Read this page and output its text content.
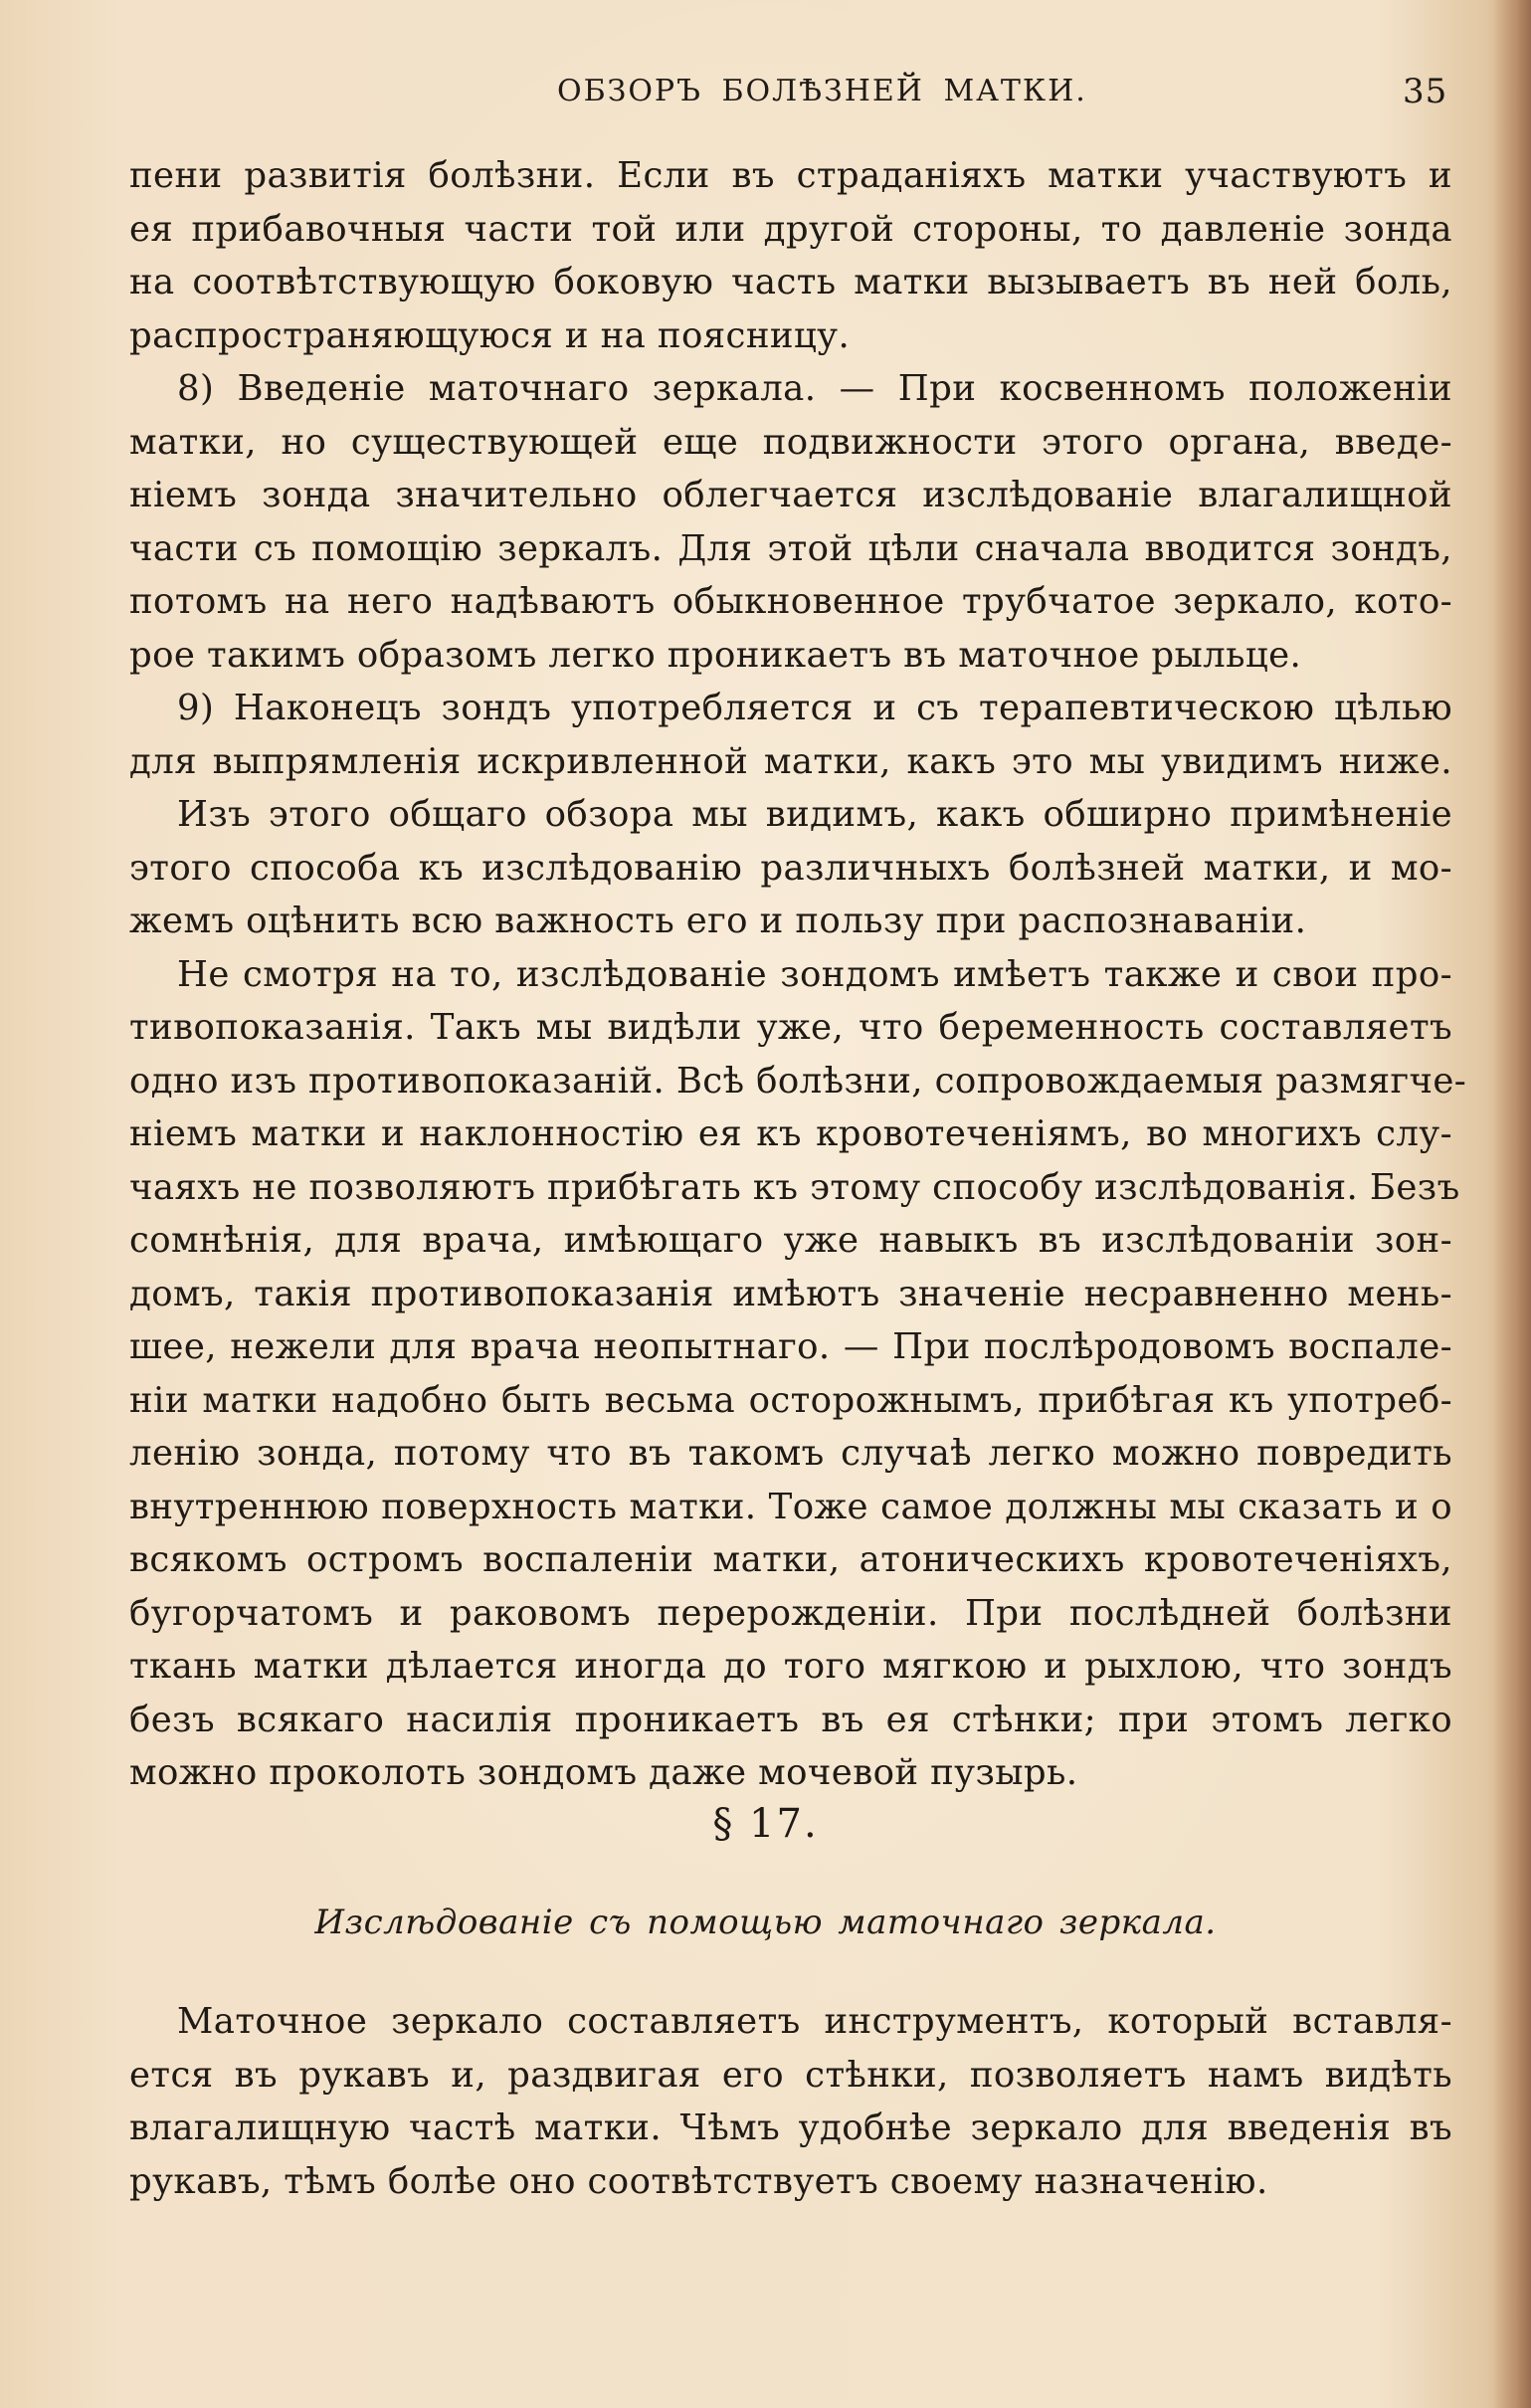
ОБЗОРЪ БОЛѢЗНЕЙ МАТКИ.	35
пени развитія болѣзни. Если въ страданіяхъ матки участвуютъ и
ея прибавочныя части той или другой стороны, то давленіе зонда
на соотвѣтствующую боковую часть матки вызываетъ въ ней боль,
распространяющуюся и на поясницу.
8) Введеніе маточнаго зеркала. — При косвенномъ положеніи
матки, но существующей еще подвижности этого органа, введе-
ніемъ зонда значительно облегчается изслѣдованіе влагалищной
части съ помощію зеркалъ. Для этой цѣли сначала вводится зондъ,
потомъ на него надѣваютъ обыкновенное трубчатое зеркало, кото-
рое такимъ образомъ легко проникаетъ въ маточное рыльце.
9) Наконецъ зондъ употребляется и съ терапевтическою цѣлью
для выпрямленія искривленной матки, какъ это мы увидимъ ниже.
Изъ этого общаго обзора мы видимъ, какъ обширно примѣненіе
этого способа къ изслѣдованію различныхъ болѣзней матки, и мо-
жемъ оцѣнить всю важность его и пользу при распознаваніи.
Не смотря на то, изслѣдованіе зондомъ имѣетъ также и свои про-
тивопоказанія. Такъ мы видѣли уже, что беременность составляетъ
одно изъ противопоказаній. Всѣ болѣзни, сопровождаемыя размягче-
ніемъ матки и наклонностію ея къ кровотеченіямъ, во многихъ слу-
чаяхъ не позволяютъ прибѣгать къ этому способу изслѣдованія. Безъ
сомнѣнія, для врача, имѣющаго уже навыкъ въ изслѣдованіи зон-
домъ, такія противопоказанія имѣютъ значеніе несравненно мень-
шее, нежели для врача неопытнаго. — При послѣродовомъ воспале-
ніи матки надобно быть весьма осторожнымъ, прибѣгая къ употреб-
ленію зонда, потому что въ такомъ случаѣ легко можно повредить
внутреннюю поверхность матки. Тоже самое должны мы сказать и о
всякомъ остромъ воспаленіи матки, атоническихъ кровотеченіяхъ,
бугорчатомъ и раковомъ перерожденіи. При послѣдней болѣзни
ткань матки дѣлается иногда до того мягкою и рыхлою, что зондъ
безъ всякаго насилія проникаетъ въ ея стѣнки; при этомъ легко
можно проколоть зондомъ даже мочевой пузырь.
§ 17.
Изслѣдованіе съ помощью маточнаго зеркала.
Маточное зеркало составляетъ инструментъ, который вставля-
ется въ рукавъ и, раздвигая его стѣнки, позволяетъ намъ видѣть
влагалищную частѣ матки. Чѣмъ удобнѣе зеркало для введенія въ
рукавъ, тѣмъ болѣе оно соотвѣтствуетъ своему назначенію.
